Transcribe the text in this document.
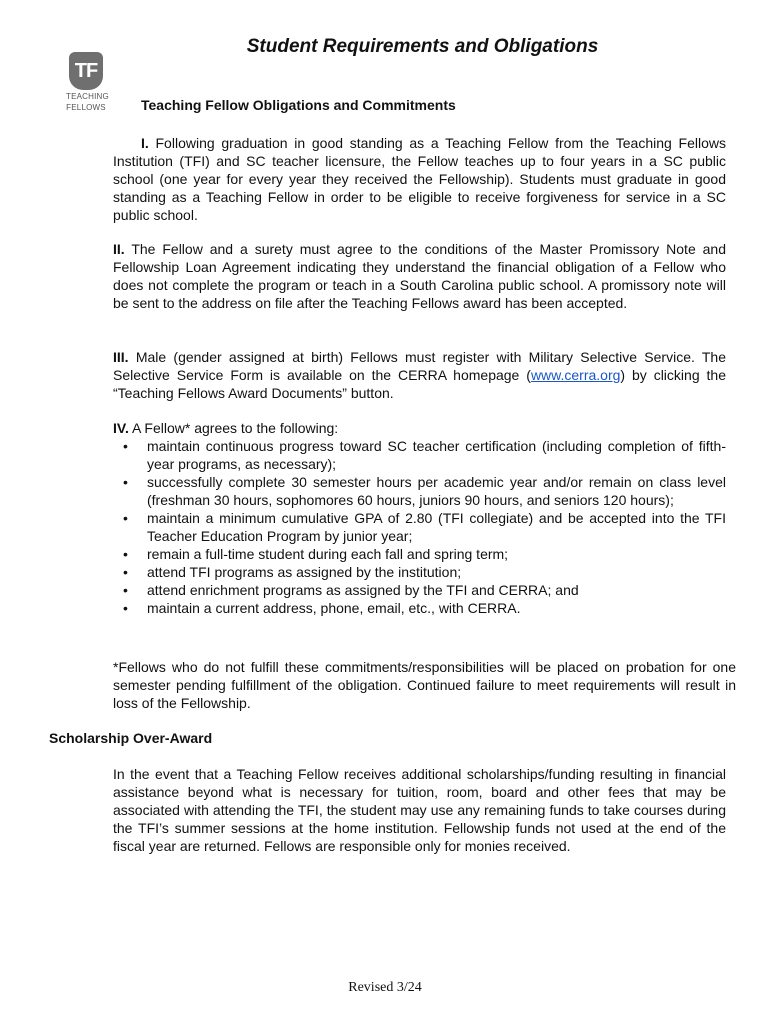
TF
TEACHING
FELLOWS
Student Requirements and Obligations
Teaching Fellow Obligations and Commitments

I. Following graduation in good standing as a Teaching Fellow from the Teaching Fellows Institution (TFI) and SC teacher licensure, the Fellow teaches up to four years in a SC public school (one year for every year they received the Fellowship). Students must graduate in good standing as a Teaching Fellow in order to be eligible to receive forgiveness for service in a SC public school.

II. The Fellow and a surety must agree to the conditions of the Master Promissory Note and Fellowship Loan Agreement indicating they understand the financial obligation of a Fellow who does not complete the program or teach in a South Carolina public school. A promissory note will be sent to the address on file after the Teaching Fellows award has been accepted.

III. Male (gender assigned at birth) Fellows must register with Military Selective Service. The Selective Service Form is available on the CERRA homepage (www.cerra.org) by clicking the “Teaching Fellows Award Documents” button.

IV. A Fellow* agrees to the following:

• maintain continuous progress toward SC teacher certification (including completion of fifth-year programs, as necessary);
• successfully complete 30 semester hours per academic year and/or remain on class level (freshman 30 hours, sophomores 60 hours, juniors 90 hours, and seniors 120 hours);
• maintain a minimum cumulative GPA of 2.80 (TFI collegiate) and be accepted into the TFI Teacher Education Program by junior year;
• remain a full-time student during each fall and spring term;
• attend TFI programs as assigned by the institution;
• attend enrichment programs as assigned by the TFI and CERRA; and
• maintain a current address, phone, email, etc., with CERRA.

*Fellows who do not fulfill these commitments/responsibilities will be placed on probation for one semester pending fulfillment of the obligation. Continued failure to meet requirements will result in loss of the Fellowship.

Scholarship Over-Award

In the event that a Teaching Fellow receives additional scholarships/funding resulting in financial assistance beyond what is necessary for tuition, room, board and other fees that may be associated with attending the TFI, the student may use any remaining funds to take courses during the TFI’s summer sessions at the home institution. Fellowship funds not used at the end of the fiscal year are returned. Fellows are responsible only for monies received.

Revised 3/24
